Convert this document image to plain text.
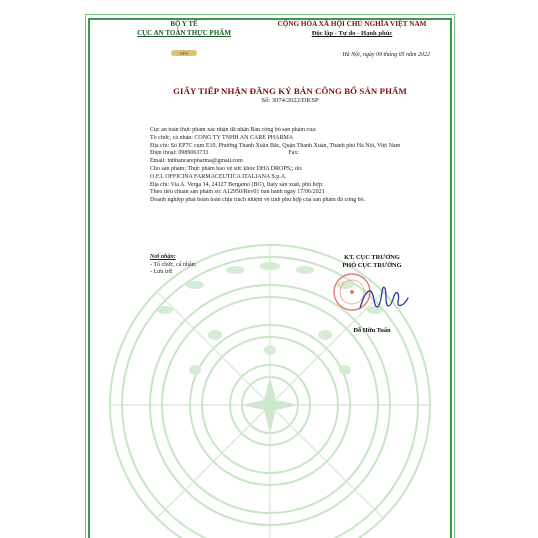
VFA
BỘ Y TẾ
CỤC AN TOÀN THỰC PHẨM
CỘNG HÒA XÃ HỘI CHỦ NGHĨA VIỆT NAM
Độc lập - Tự do - Hạnh phúc
Hà Nội, ngày 09 tháng 05 năm 2022
GIẤY TIẾP NHẬN ĐĂNG KÝ BẢN CÔNG BỐ SẢN PHẨM
Số: 3074/2022/DKSP
Cục an toàn thực phẩm xác nhận đã nhận Bản công bố sản phẩm của:
Tổ chức, cá nhân: CÔNG TY TNHH AN CARE PHARMA
Địa chỉ: Số EP7C cụm E10, Phường Thanh Xuân Bắc, Quận Thanh Xuân, Thành phố Hà Nội, Việt Nam
Điện thoại: 0989063733	Fax:
Email: tnhhancarepharma@gmail.com
Cho sản phẩm: Thực phẩm bảo vệ sức khỏe DHA DROPS;; do:
O.F.I. OFFICINA FARMACEUTICA ITALIANA S.p.A.
Địa chỉ: Via A. Verga 14, 24127 Bergamo (BG), Italy sản xuất, phù hợp:
Theo tiêu chuẩn sản phẩm số: A12950/Rev01 ban hành ngày 17/06/2021
Doanh nghiệp phải hoàn toàn chịu trách nhiệm về tính phù hợp của sản phẩm đã công bố.
Nơi nhận:
- Tổ chức, cá nhân;
- Lưu trữ.
KT. CỤC TRƯỞNG
PHÓ CỤC TRƯỞNG
Đỗ Hữu Tuấn
